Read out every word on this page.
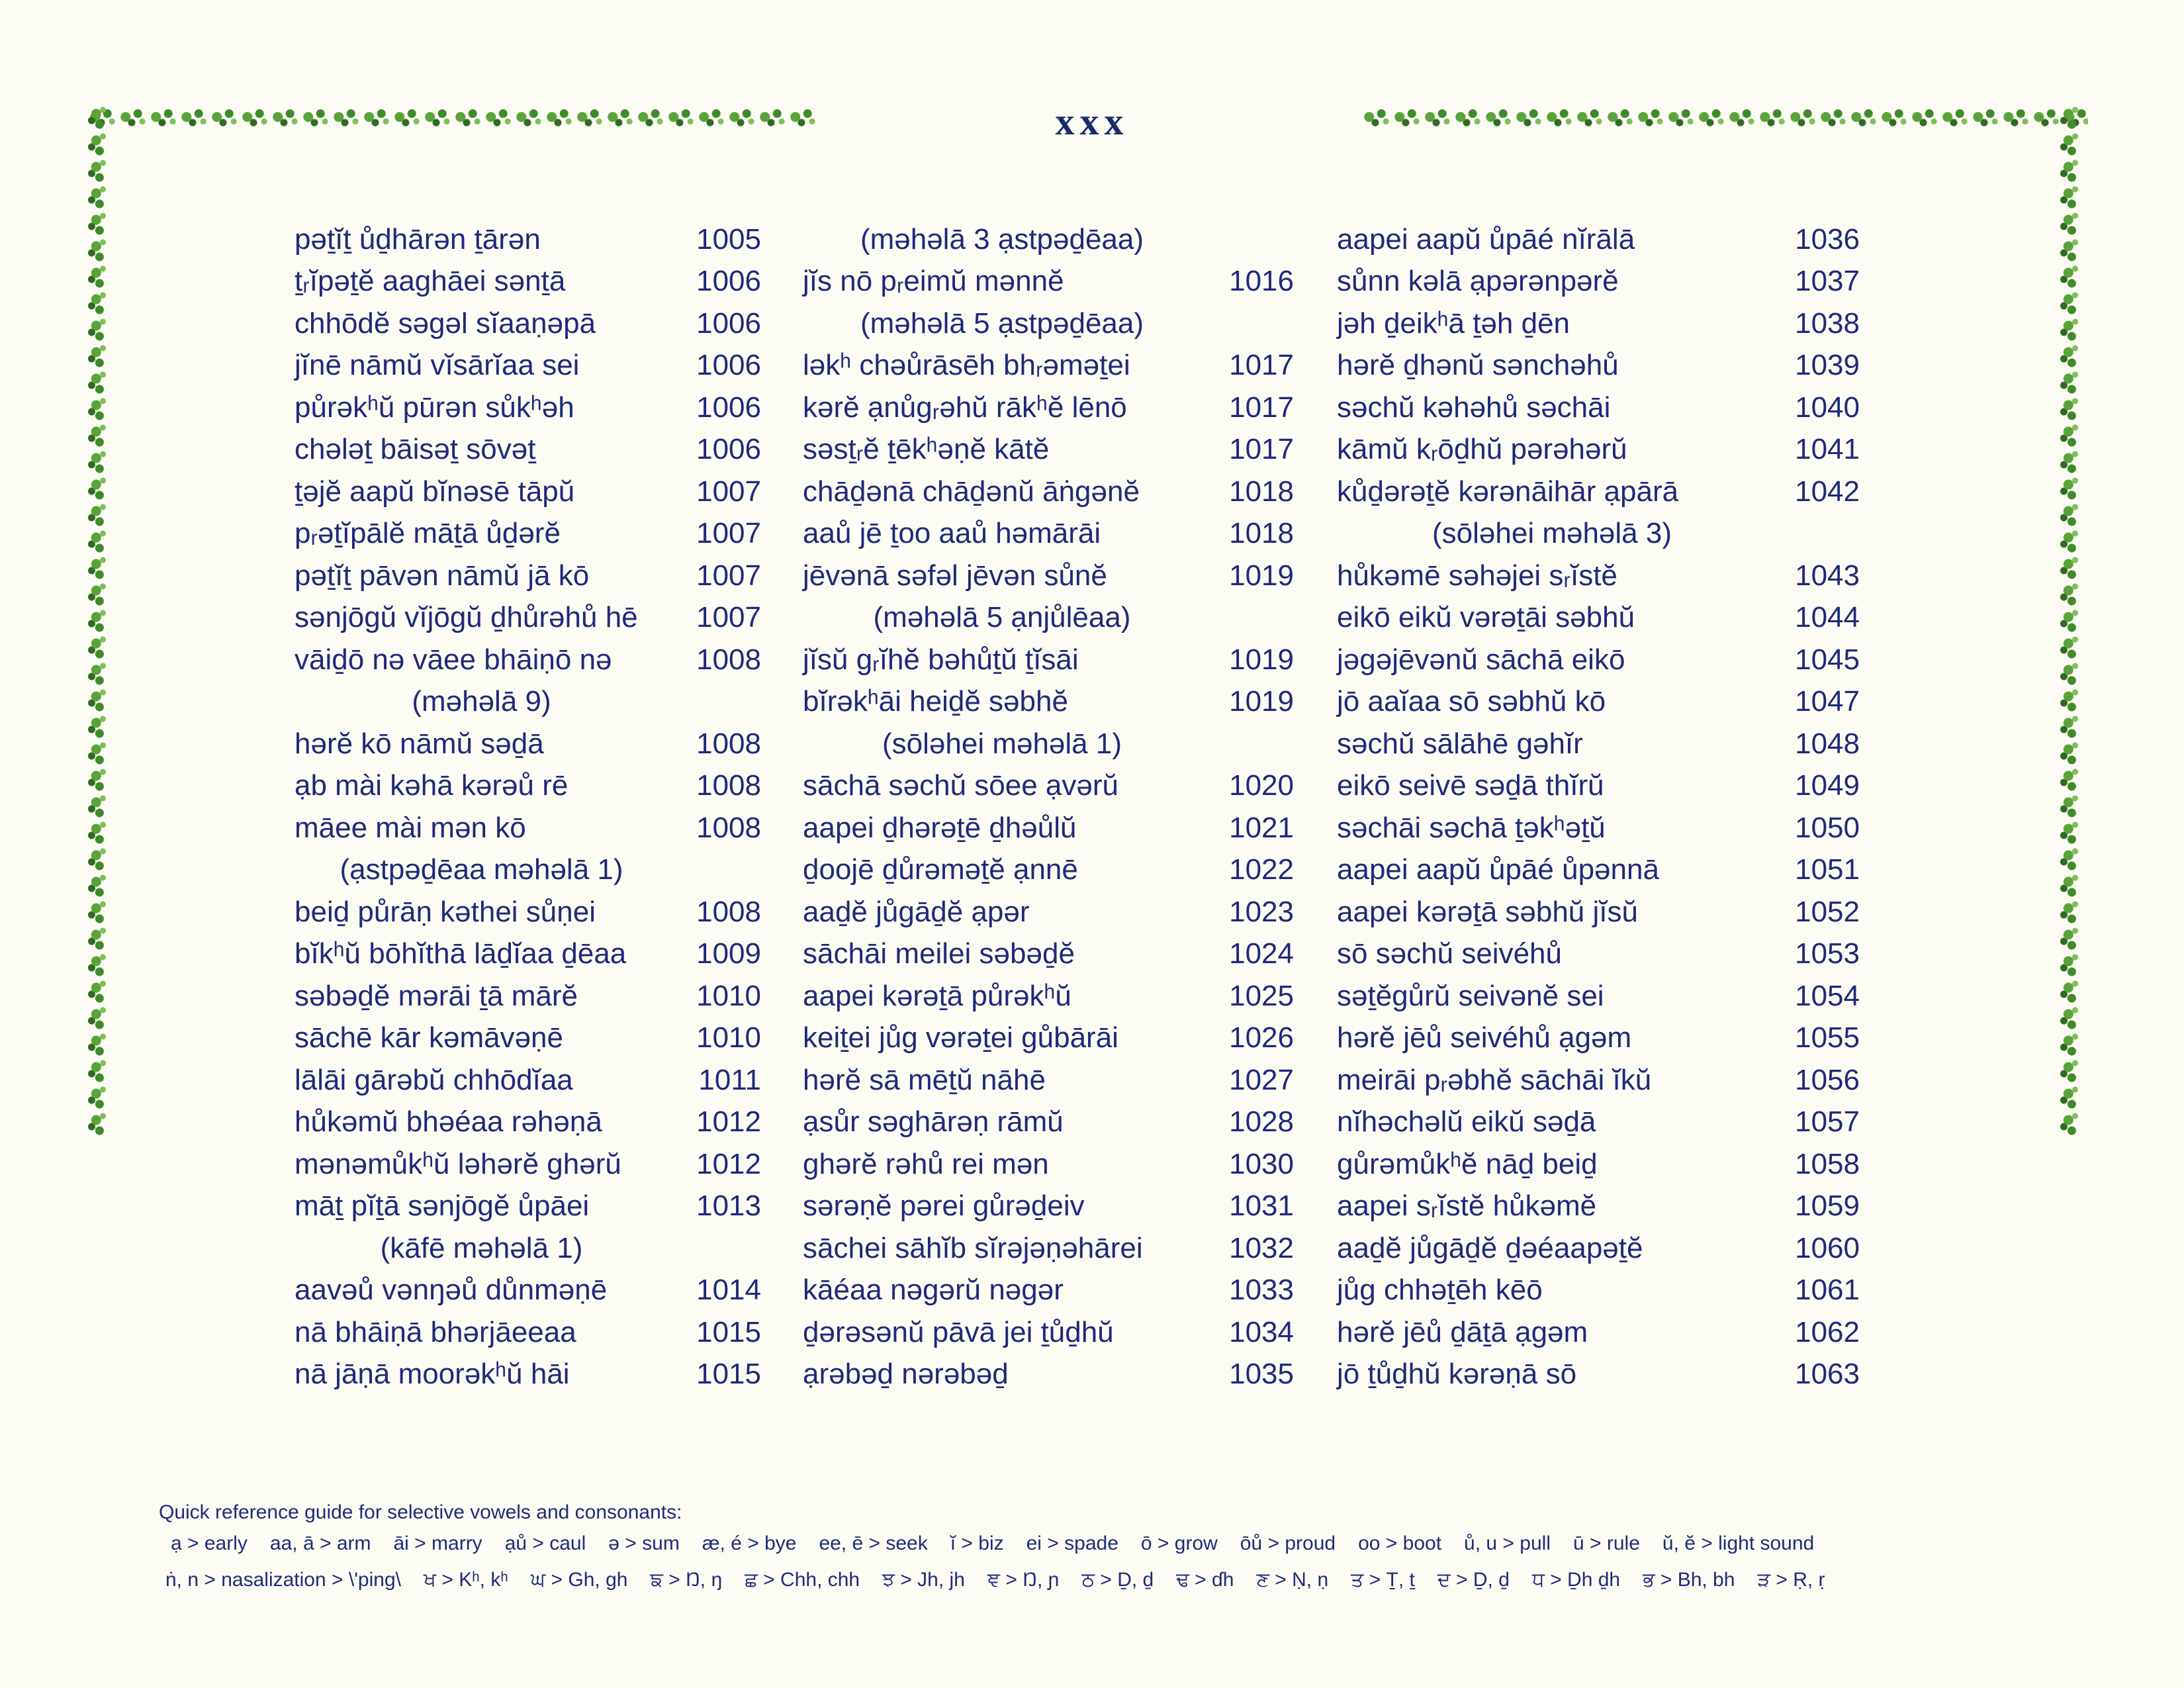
xxx
pəṯĭṯ ůḏhārən ṯārən	1005
ṯᵣĭpəṯĕ aaghāei sənṯā	1006
chhōdĕ səgəl sĭaaṇəpā	1006
jĭnē nāmŭ vĭsārĭaa sei	1006
půrəkʰŭ pūrən sůkʰəh	1006
chələṯ bāisəṯ sōvəṯ	1006
ṯəjĕ aapŭ bĭnəsē tāpŭ	1007
pᵣəṯĭpālĕ māṯā ůḏərĕ	1007
pəṯĭṯ pāvən nāmŭ jā kō	1007
sənjōgŭ vĭjōgŭ ḏhůrəhů hē	1007
vāiḏō nə vāee bhāiṇō nə	1008
(məhəlā 9)
hərĕ kō nāmŭ səḏā	1008
ạb mài kəhā kərəů rē	1008
māee mài mən kō	1008
(ạstpəḏēaa məhəlā 1)
beiḏ půrāṇ kəthei sůṇei	1008
bĭkʰŭ bōhĭthā lāḏĭaa ḏēaa	1009
səbəḏĕ mərāi ṯā mārĕ	1010
sāchē kār kəmāvəṇē	1010
lālāi gārəbŭ chhōdĭaa	1011
hůkəmŭ bhəéaa rəhəṇā	1012
mənəmůkʰŭ ləhərĕ ghərŭ	1012
māṯ pĭṯā sənjōgĕ ůpāei	1013
(kāfē məhəlā 1)
aavəů vənŋəů důnməṇē	1014
nā bhāiṇā bhərjāeeaa	1015
nā jāṇā moorəkʰŭ hāi	1015
(məhəlā 3 ạstpəḏēaa)
jĭs nō pᵣeimŭ mənnĕ	1016
(məhəlā 5 ạstpəḏēaa)
ləkʰ chəůrāsēh bhᵣəməṯei	1017
kərĕ ạnůgᵣəhŭ rākʰĕ lēnō	1017
səsṯᵣĕ ṯēkʰəṇĕ kātĕ	1017
chāḏənā chāḏənŭ āṅgənĕ	1018
aaů jē ṯoo aaů həmārāi	1018
jēvənā səfəl jēvən sůnĕ	1019
(məhəlā 5 ạnjůlēaa)
jĭsŭ gᵣĭhĕ bəhůṯŭ ṯĭsāi	1019
bĭrəkʰāi heiḏĕ səbhĕ	1019
(sōləhei məhəlā 1)
sāchā səchŭ sōee ạvərŭ	1020
aapei ḏhərəṯē ḏhəůlŭ	1021
ḏoojē ḏůrəməṯĕ ạnnē	1022
aaḏĕ jůgāḏĕ ạpər	1023
sāchāi meilei səbəḏĕ	1024
aapei kərəṯā půrəkʰŭ	1025
keiṯei jůg vərəṯei gůbārāi	1026
hərĕ sā mēṯŭ nāhē	1027
ạsůr səghārəṇ rāmŭ	1028
ghərĕ rəhů rei mən	1030
sərəṇĕ pərei gůrəḏeiv	1031
sāchei sāhĭb sĭrəjəṇəhārei	1032
kāéaa nəgərŭ nəgər	1033
ḏərəsənŭ pāvā jei ṯůḏhŭ	1034
ạrəbəḏ nərəbəḏ	1035
aapei aapŭ ůpāé nĭrālā	1036
sůnn kəlā ạpərənpərĕ	1037
jəh ḏeikʰā ṯəh ḏēn	1038
hərĕ ḏhənŭ sənchəhů	1039
səchŭ kəhəhů səchāi	1040
kāmŭ kᵣōḏhŭ pərəhərŭ	1041
kůḏərəṯĕ kərənāihār ạpārā	1042
(sōləhei məhəlā 3)
hůkəmē səhəjei sᵣĭstĕ	1043
eikō eikŭ vərəṯāi səbhŭ	1044
jəgəjēvənŭ sāchā eikō	1045
jō aaĭaa sō səbhŭ kō	1047
səchŭ sālāhē gəhĭr	1048
eikō seivē səḏā thĭrŭ	1049
səchāi səchā ṯəkʰəṯŭ	1050
aapei aapŭ ůpāé ůpənnā	1051
aapei kərəṯā səbhŭ jĭsŭ	1052
sō səchŭ seivéhů	1053
səṯĕgůrŭ seivənĕ sei	1054
hərĕ jēů seivéhů ạgəm	1055
meirāi pᵣəbhĕ sāchāi ĭkŭ	1056
nĭhəchəlŭ eikŭ səḏā	1057
gůrəmůkʰĕ nāḏ beiḏ	1058
aapei sᵣĭstĕ hůkəmĕ	1059
aaḏĕ jůgāḏĕ ḏəéaapəṯĕ	1060
jůg chhəṯēh kēō	1061
hərĕ jēů ḏāṯā ạgəm	1062
jō ṯůḏhŭ kərəṇā sō	1063
Quick reference guide for selective vowels and consonants:
ạ > early aa, ā > arm āi > marry ạů > caul ə > sum æ, é > bye ee, ē > seek ĭ > biz ei > spade ō > grow ōů > proud oo > boot ů, u > pull ū > rule ŭ, ĕ > light sound
ṅ, n > nasalization > \'ping\ ਖ > Kʰ, kʰ ਘ > Gh, gh ਙ > Ŋ, ŋ ਛ > Chh, chh ਝ > Jh, jh ਞ > Ŋ, ɲ ਠ > Ḏ, ḏ ਢ > ɗh ਣ > Ṇ, ṇ ਤ > Ṯ, ṯ ਦ > Ḏ, ḏ ਧ > Ḏh ḏh ਭ > Bh, bh ੜ > Ṛ, ṛ
